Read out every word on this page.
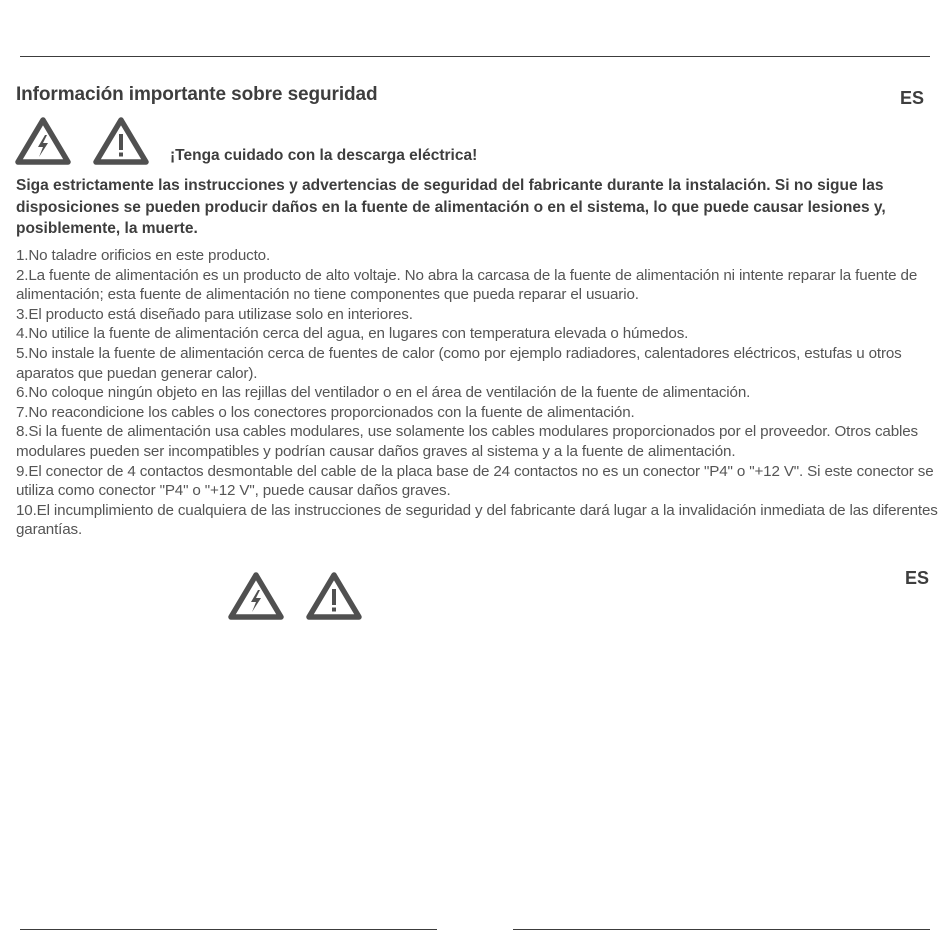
Información importante sobre seguridad	ES
¡Tenga cuidado con la descarga eléctrica!
Siga estrictamente las instrucciones y advertencias de seguridad del fabricante durante la instalación. Si no sigue las disposiciones se pueden producir daños en la fuente de alimentación o en el sistema, lo que puede causar lesiones y, posiblemente, la muerte.
1.No taladre orificios en este producto.
2.La fuente de alimentación es un producto de alto voltaje. No abra la carcasa de la fuente de alimentación ni intente reparar la fuente de alimentación; esta fuente de alimentación no tiene componentes que pueda reparar el usuario.
3.El producto está diseñado para utilizase solo en interiores.
4.No utilice la fuente de alimentación cerca del agua, en lugares con temperatura elevada o húmedos.
5.No instale la fuente de alimentación cerca de fuentes de calor (como por ejemplo radiadores, calentadores eléctricos, estufas u otros aparatos que puedan generar calor).
6.No coloque ningún objeto en las rejillas del ventilador o en el área de ventilación de la fuente de alimentación.
7.No reacondicione los cables o los conectores proporcionados con la fuente de alimentación.
8.Si la fuente de alimentación usa cables modulares, use solamente los cables modulares proporcionados por el proveedor. Otros cables modulares pueden ser incompatibles y podrían causar daños graves al sistema y a la fuente de alimentación.
9.El conector de 4 contactos desmontable del cable de la placa base de 24 contactos no es un conector "P4" o "+12 V". Si este conector se utiliza como conector "P4" o "+12 V", puede causar daños graves.
10.El incumplimiento de cualquiera de las instrucciones de seguridad y del fabricante dará lugar a la invalidación inmediata de las diferentes garantías.
ES
